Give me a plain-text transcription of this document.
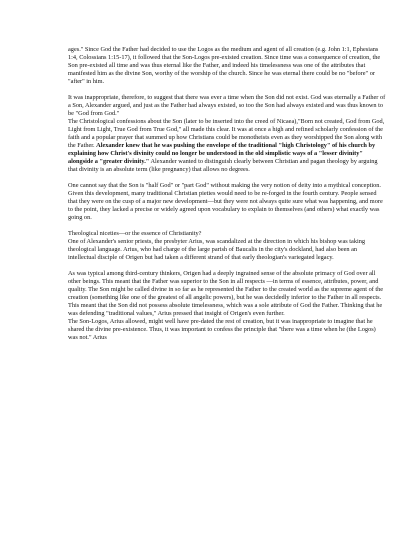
ages." Since God the Father had decided to use the Logos as the medium and agent of all creation (e.g. John 1:1, Ephesians 1:4, Colossians 1:15-17), it followed that the Son-Logos pre-existed creation. Since time was a consequence of creation, the Son pre-existed all time and was thus eternal like the Father, and indeed his timelessness was one of the attributes that manifested him as the divine Son, worthy of the worship of the church. Since he was eternal there could be no "before" or "after" in him.

It was inappropriate, therefore, to suggest that there was ever a time when the Son did not exist. God was eternally a Father of a Son, Alexander argued, and just as the Father had always existed, so too the Son had always existed and was thus known to be "God from God."

The Christological confessions about the Son (later to be inserted into the creed of Nicaea),"Born not created, God from God, Light from Light, True God from True God," all made this clear. It was at once a high and refined scholarly confession of the faith and a popular prayer that summed up how Christians could be monotheists even as they worshipped the Son along with the Father. Alexander knew that he was pushing the envelope of the traditional "high Christology" of his church by explaining how Christ's divinity could no longer be understood in the old simplistic ways of a "lesser divinity" alongside a "greater divinity." Alexander wanted to distinguish clearly between Christian and pagan theology by arguing that divinity is an absolute term (like pregnancy) that allows no degrees.

One cannot say that the Son is "half God" or "part God" without making the very notion of deity into a mythical conception. Given this development, many traditional Christian pieties would need to be re-forged in the fourth century. People sensed that they were on the cusp of a major new development—but they were not always quite sure what was happening, and more to the point, they lacked a precise or widely agreed upon vocabulary to explain to themselves (and others) what exactly was going on.

Theological niceties—or the essence of Christianity?

One of Alexander's senior priests, the presbyter Arius, was scandalized at the direction in which his bishop was taking theological language. Arius, who had charge of the large parish of Baucalis in the city's dockland, had also been an intellectual disciple of Origen but had taken a different strand of that early theologian's variegated legacy.

As was typical among third-century thinkers, Origen had a deeply ingrained sense of the absolute primacy of God over all other beings. This meant that the Father was superior to the Son in all respects —in terms of essence, attributes, power, and quality. The Son might be called divine in so far as he represented the Father to the created world as the supreme agent of the creation (something like one of the greatest of all angelic powers), but he was decidedly inferior to the Father in all respects. This meant that the Son did not possess absolute timelessness, which was a sole attribute of God the Father. Thinking that he was defending "traditional values," Arius pressed that insight of Origen's even further.

The Son-Logos, Arius allowed, might well have pre-dated the rest of creation, but it was inappropriate to imagine that he shared the divine pre-existence. Thus, it was important to confess the principle that "there was a time when he (the Logos) was not." Arius
